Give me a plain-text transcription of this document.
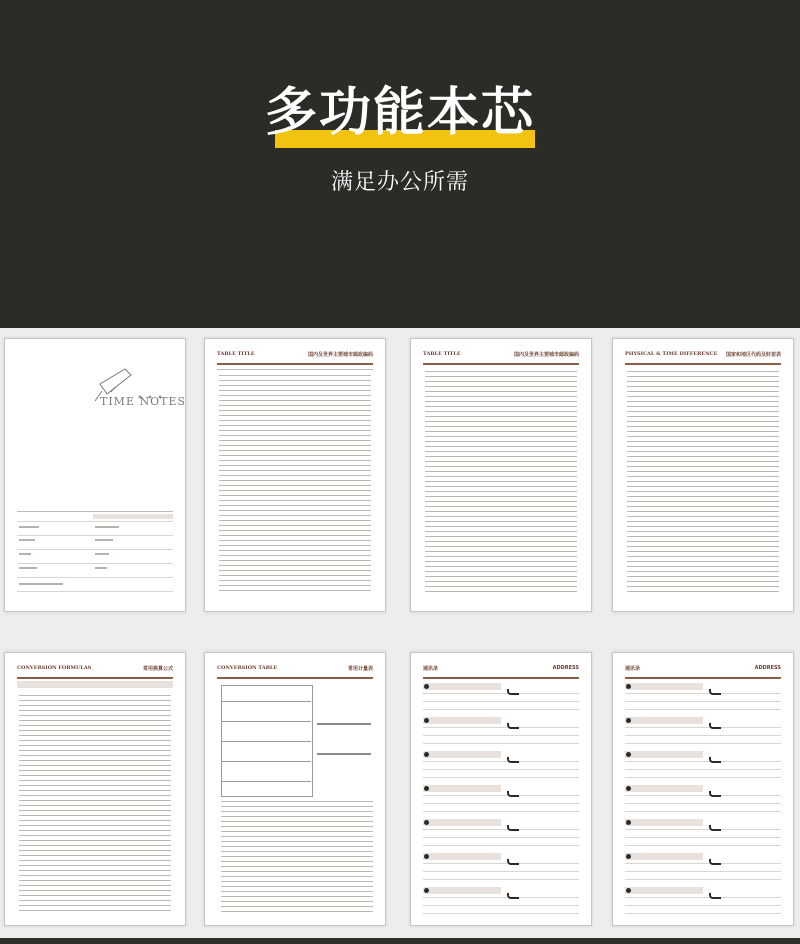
多功能本芯
满足办公所需
TIME NOTES
TABLE TITLE	国内及世界主要城市邮政编码	TABLE TITLE	国内及世界主要城市邮政编码	PHYSICAL & TIME DIFFERENCE 国家和地区代码及时差表
CONVERSION FORMULAS	常用换算公式	CONVERSION TABLE	常用计量表	通讯录	ADDRESS	通讯录	ADDRESS
